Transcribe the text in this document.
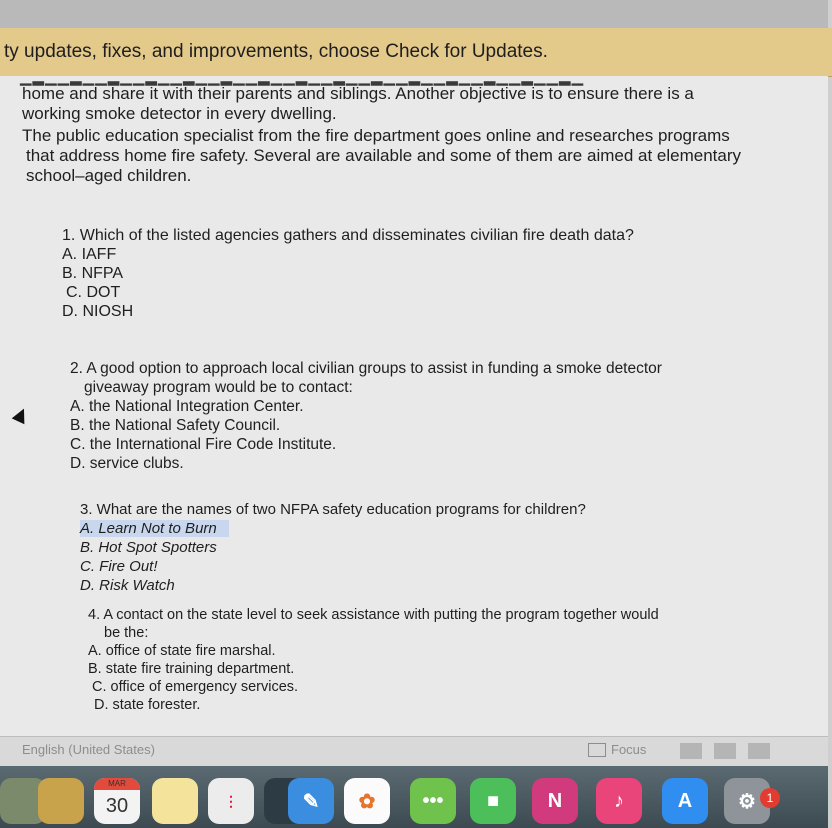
ty updates, fixes, and improvements, choose Check for Updates.
▁▂▁▁▂▁▁▂▁▁▂▁▁▂▁▁▂▁▁▂▁▁▂▁▁▂▁▁▂▁▁▂▁▁▂▁▁▂▁▁▂▁▁▂▁
home and share it with their parents and siblings. Another objective is to ensure there is a
working smoke detector in every dwelling.
The public education specialist from the fire department goes online and researches programs
that address home fire safety. Several are available and some of them are aimed at elementary
school–aged children.

1. Which of the listed agencies gathers and disseminates civilian fire death data?

A. IAFF

B. NFPA

C. DOT

D. NIOSH

2. A good option to approach local civilian groups to assist in funding a smoke detector

giveaway program would be to contact:

A. the National Integration Center.

B. the National Safety Council.

C. the International Fire Code Institute.

D. service clubs.

3. What are the names of two NFPA safety education programs for children?

A. Learn Not to Burn

B. Hot Spot Spotters

C. Fire Out!

D. Risk Watch

4. A contact on the state level to seek assistance with putting the program together would

be the:

A. office of state fire marshal.

B. state fire training department.

C. office of emergency services.

D. state forester.

English (United States)	Focus
MAR
30	⋮	✎	✿	•••	■	N	♪	A	⚙ 1
